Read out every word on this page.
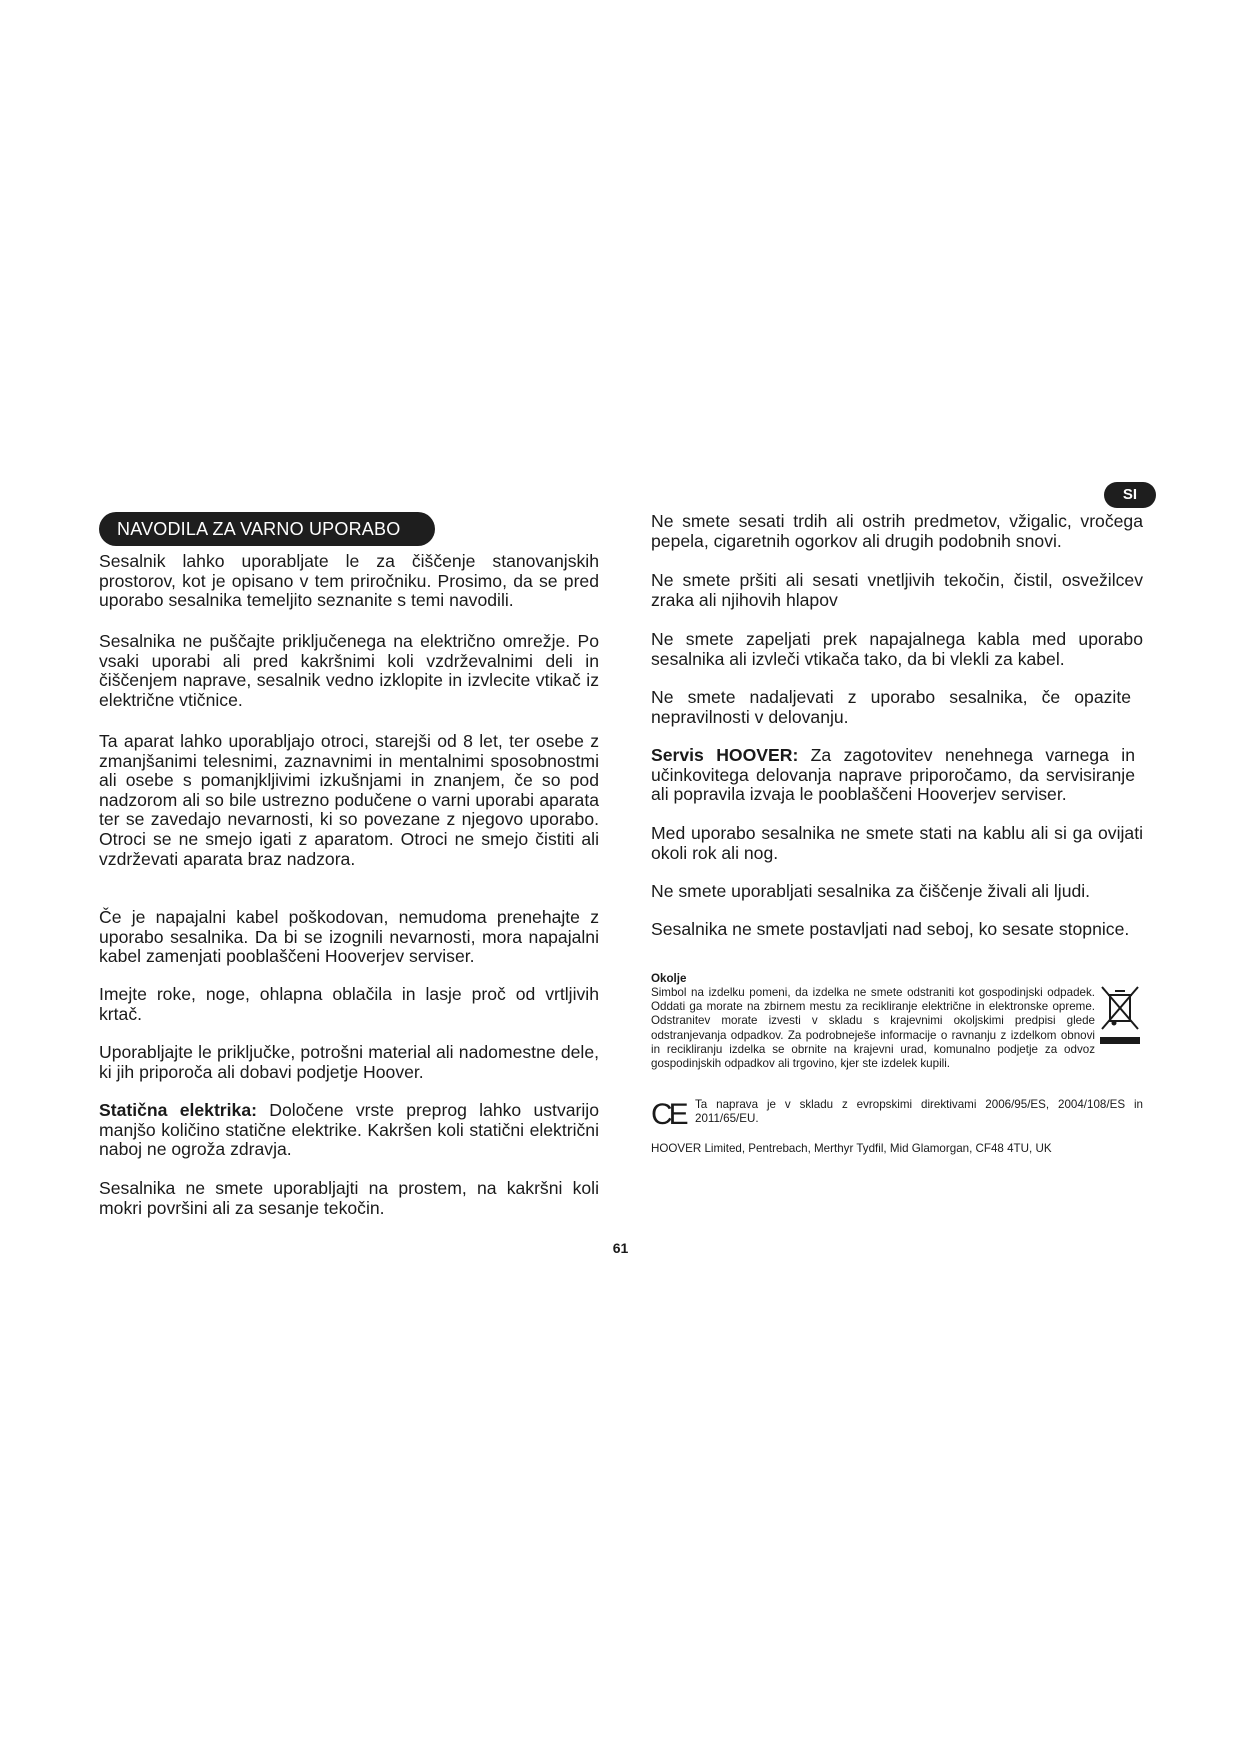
SI
NAVODILA ZA VARNO UPORABO

Sesalnik lahko uporabljate le za čiščenje stanovanjskih prostorov, kot je opisano v tem priročniku. Prosimo, da se pred uporabo sesalnika temeljito seznanite s temi navodili.

Sesalnika ne puščajte priključenega na električno omrežje. Po vsaki uporabi ali pred kakršnimi koli vzdrževalnimi deli in čiščenjem naprave, sesalnik vedno izklopite in izvlecite vtikač iz električne vtičnice.

Ta aparat lahko uporabljajo otroci, starejši od 8 let, ter osebe z zmanjšanimi telesnimi, zaznavnimi in mentalnimi sposobnostmi ali osebe s pomanjkljivimi izkušnjami in znanjem, če so pod nadzorom ali so bile ustrezno podučene o varni uporabi aparata ter se zavedajo nevarnosti, ki so povezane z njegovo uporabo. Otroci se ne smejo igati z aparatom. Otroci ne smejo čistiti ali vzdrževati aparata braz nadzora.

Če je napajalni kabel poškodovan, nemudoma prenehajte z uporabo sesalnika. Da bi se izognili nevarnosti, mora napajalni kabel zamenjati pooblaščeni Hooverjev serviser.

Imejte roke, noge, ohlapna oblačila in lasje proč od vrtljivih krtač.

Uporabljajte le priključke, potrošni material ali nadomestne dele, ki jih priporoča ali dobavi podjetje Hoover.

Statična elektrika: Določene vrste preprog lahko ustvarijo manjšo količino statične elektrike. Kakršen koli statični električni naboj ne ogroža zdravja.

Sesalnika ne smete uporabljajti na prostem, na kakršni koli mokri površini ali za sesanje tekočin.

Ne smete sesati trdih ali ostrih predmetov, vžigalic, vročega pepela, cigaretnih ogorkov ali drugih podobnih snovi.

Ne smete pršiti ali sesati vnetljivih tekočin, čistil, osvežilcev zraka ali njihovih hlapov

Ne smete zapeljati prek napajalnega kabla med uporabo sesalnika ali izvleči vtikača tako, da bi vlekli za kabel.

Ne smete nadaljevati z uporabo sesalnika, če opazite nepravilnosti v delovanju.

Servis HOOVER: Za zagotovitev nenehnega varnega in učinkovitega delovanja naprave priporočamo, da servisiranje ali popravila izvaja le pooblaščeni Hooverjev serviser.

Med uporabo sesalnika ne smete stati na kablu ali si ga ovijati okoli rok ali nog.

Ne smete uporabljati sesalnika za čiščenje živali ali ljudi.

Sesalnika ne smete postavljati nad seboj, ko sesate stopnice.

Okolje

Simbol na izdelku pomeni, da izdelka ne smete odstraniti kot gospodinjski odpadek. Oddati ga morate na zbirnem mestu za recikliranje električne in elektronske opreme. Odstranitev morate izvesti v skladu s krajevnimi okoljskimi predpisi glede odstranjevanja odpadkov. Za podrobneješe informacije o ravnanju z izdelkom obnovi in recikliranju izdelka se obrnite na krajevni urad, komunalno podjetje za odvoz gospodinjskih odpadkov ali trgovino, kjer ste izdelek kupili.

CE Ta naprava je v skladu z evropskimi direktivami 2006/95/ES, 2004/108/ES in 2011/65/EU.

HOOVER Limited, Pentrebach, Merthyr Tydfil, Mid Glamorgan, CF48 4TU, UK

61
